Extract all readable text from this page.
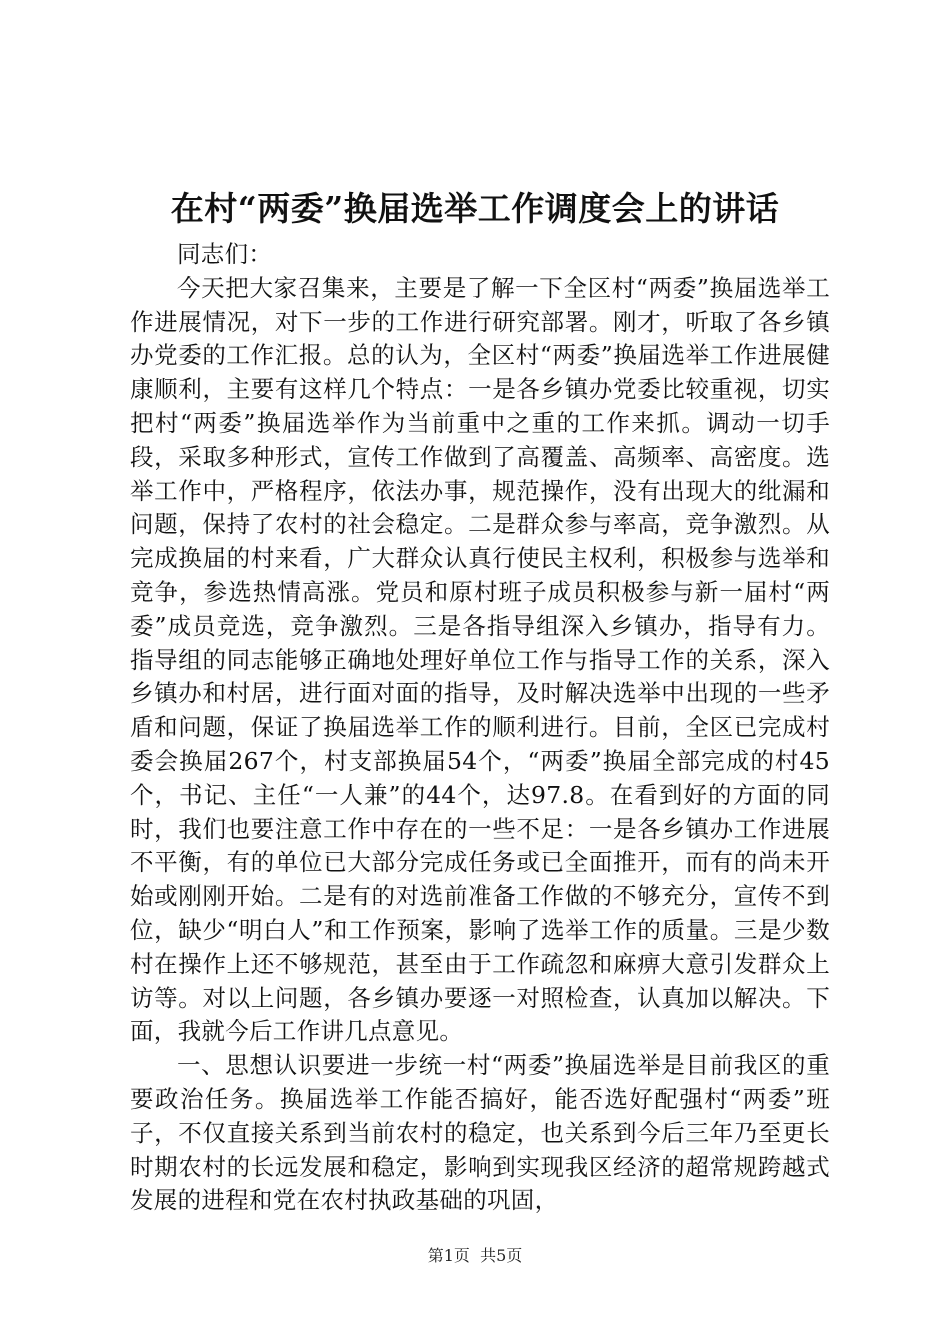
在村“两委”换届选举工作调度会上的讲话

同志们：

今天把大家召集来，主要是了解一下全区村“两委”换届选举工作进展情况，对下一步的工作进行研究部署。刚才，听取了各乡镇办党委的工作汇报。总的认为，全区村“两委”换届选举工作进展健康顺利，主要有这样几个特点：一是各乡镇办党委比较重视，切实把村“两委”换届选举作为当前重中之重的工作来抓。调动一切手段，采取多种形式，宣传工作做到了高覆盖、高频率、高密度。选举工作中，严格程序，依法办事，规范操作，没有出现大的纰漏和问题，保持了农村的社会稳定。二是群众参与率高，竞争激烈。从完成换届的村来看，广大群众认真行使民主权利，积极参与选举和竞争，参选热情高涨。党员和原村班子成员积极参与新一届村“两委”成员竞选，竞争激烈。三是各指导组深入乡镇办，指导有力。指导组的同志能够正确地处理好单位工作与指导工作的关系，深入乡镇办和村居，进行面对面的指导，及时解决选举中出现的一些矛盾和问题，保证了换届选举工作的顺利进行。目前，全区已完成村委会换届267个，村支部换届54个，“两委”换届全部完成的村45个，书记、主任“一人兼”的44个，达97.8。在看到好的方面的同时，我们也要注意工作中存在的一些不足：一是各乡镇办工作进展不平衡，有的单位已大部分完成任务或已全面推开，而有的尚未开始或刚刚开始。二是有的对选前准备工作做的不够充分，宣传不到位，缺少“明白人”和工作预案，影响了选举工作的质量。三是少数村在操作上还不够规范，甚至由于工作疏忽和麻痹大意引发群众上访等。对以上问题，各乡镇办要逐一对照检查，认真加以解决。下面，我就今后工作讲几点意见。

一、思想认识要进一步统一村“两委”换届选举是目前我区的重要政治任务。换届选举工作能否搞好，能否选好配强村“两委”班子，不仅直接关系到当前农村的稳定，也关系到今后三年乃至更长时期农村的长远发展和稳定，影响到实现我区经济的超常规跨越式发展的进程和党在农村执政基础的巩固，

第1页  共5页
